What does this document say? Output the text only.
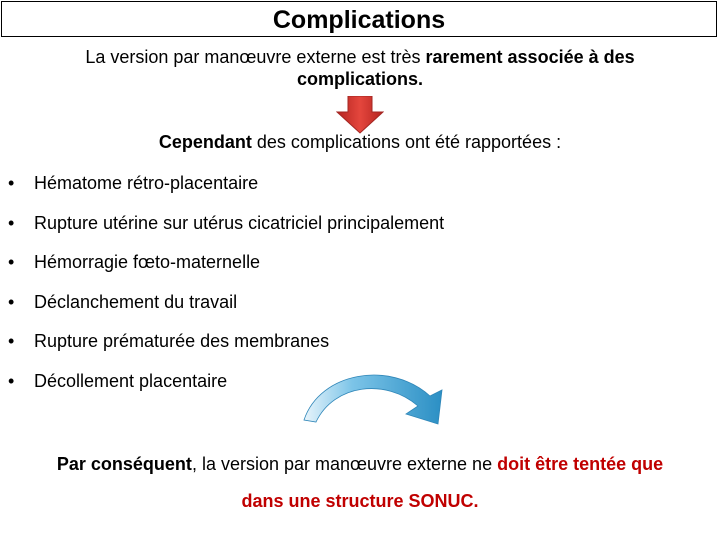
Complications
La version par manœuvre externe est très rarement associée à des complications.
Cependant des complications ont été rapportées :
• Hématome rétro-placentaire
• Rupture utérine sur utérus cicatriciel principalement
• Hémorragie fœto-maternelle
• Déclanchement du travail
• Rupture prématurée des membranes
• Décollement placentaire
Par conséquent, la version par manœuvre externe ne doit être tentée que
dans une structure SONUC.
